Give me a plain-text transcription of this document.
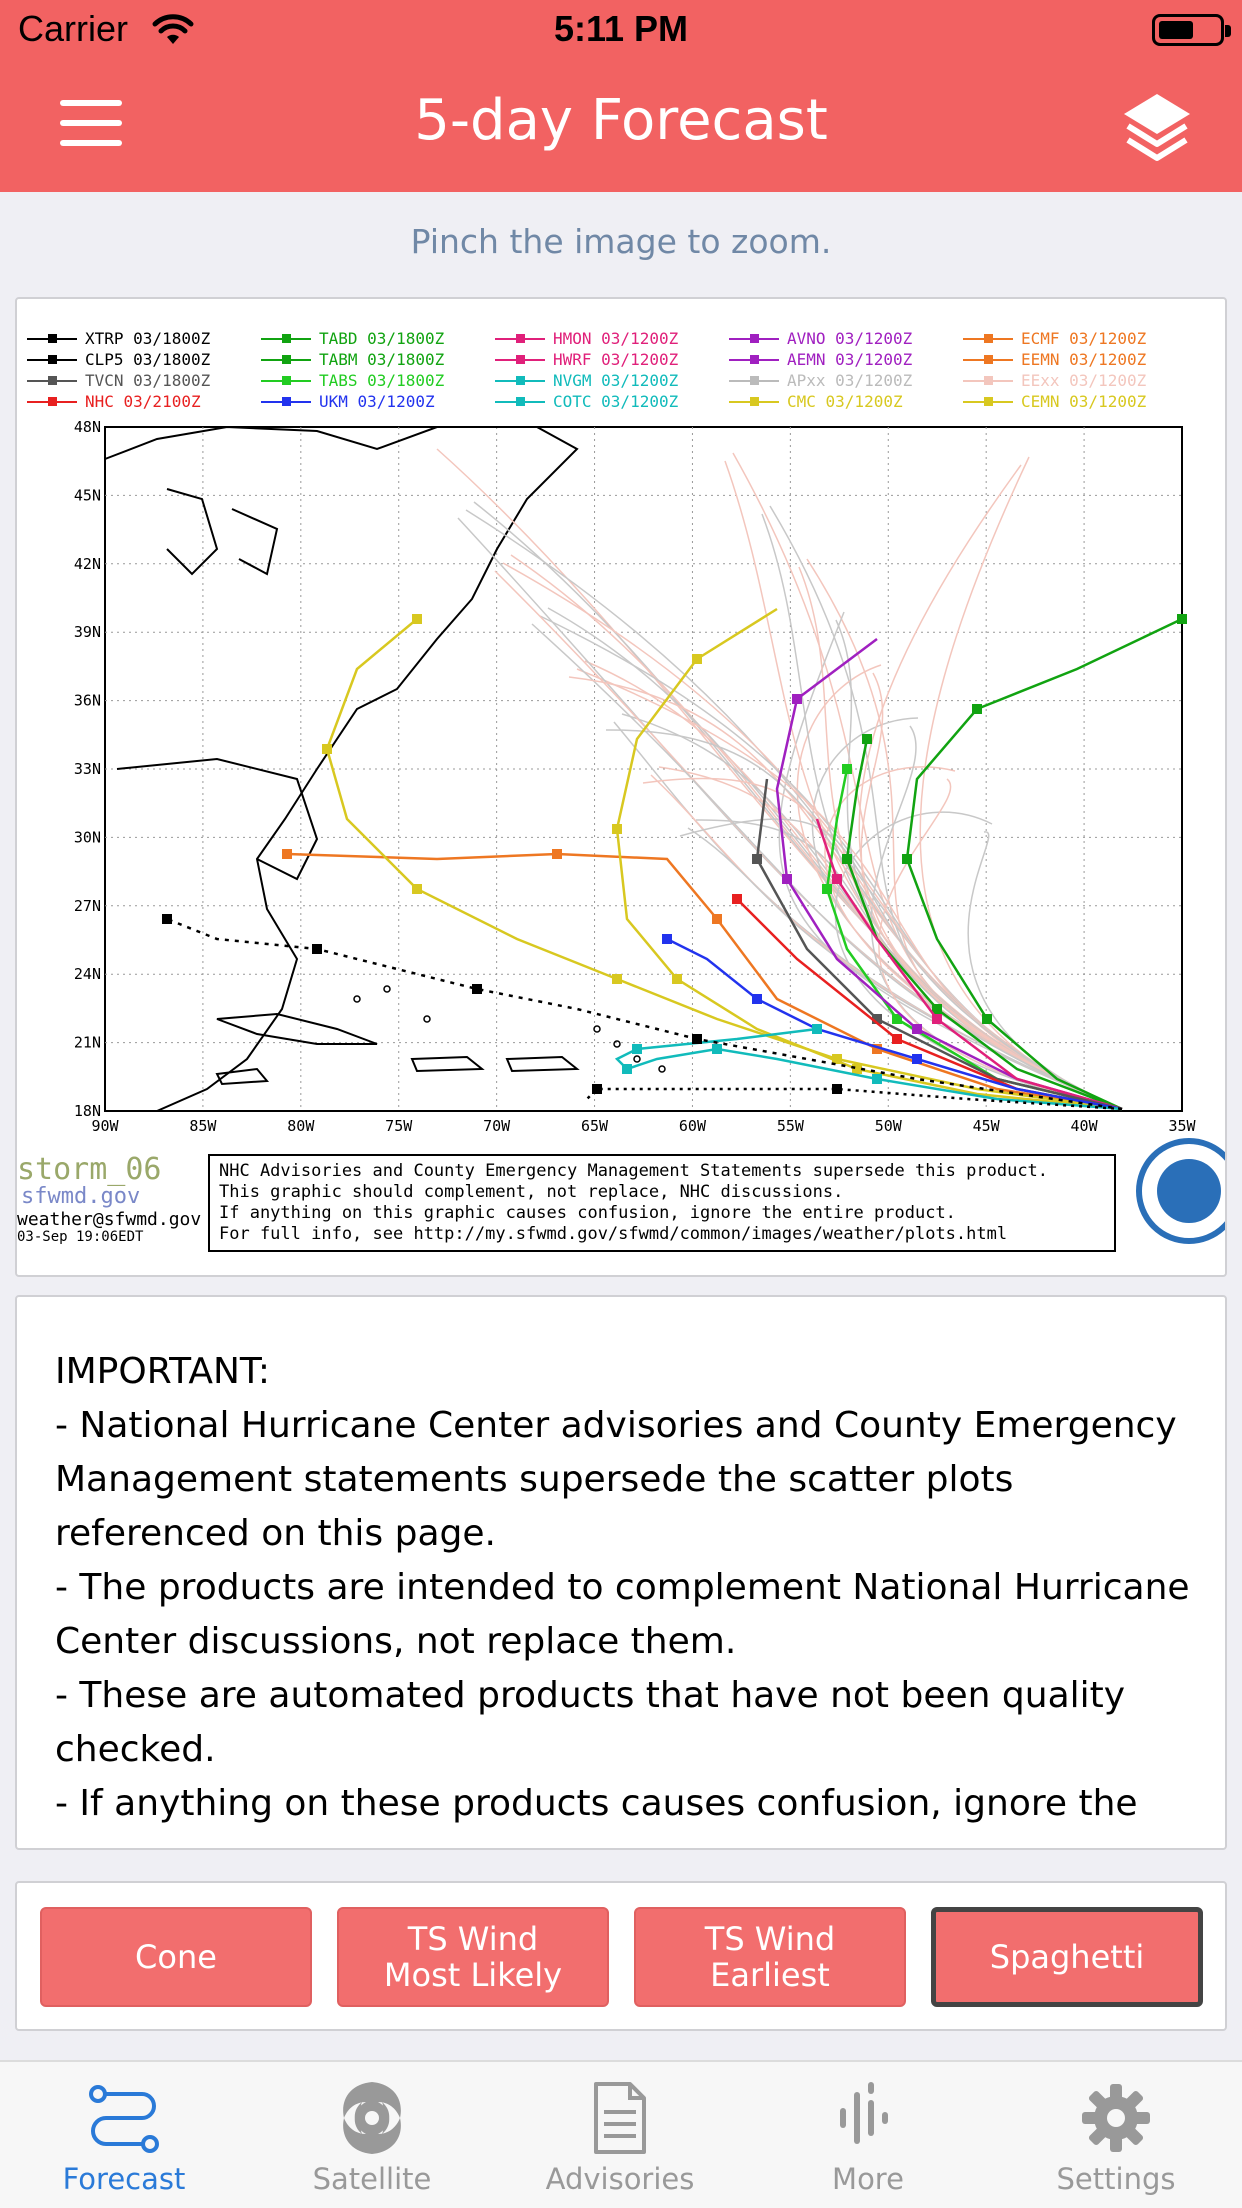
Carrier	5:11 PM
5-day Forecast
Pinch the image to zoom.
XTRP 03/1800Z
CLP5 03/1800Z
TVCN 03/1800Z
NHC 03/2100Z
TABD 03/1800Z
TABM 03/1800Z
TABS 03/1800Z
UKM 03/1200Z
HMON 03/1200Z
HWRF 03/1200Z
NVGM 03/1200Z
COTC 03/1200Z
AVNO 03/1200Z
AEMN 03/1200Z
APxx 03/1200Z
CMC 03/1200Z
ECMF 03/1200Z
EEMN 03/1200Z
EExx 03/1200Z
CEMN 03/1200Z
48N
45N
42N
39N
36N
33N
30N
27N
24N
21N
18N
90W	85W	80W	75W	70W	65W	60W	55W	50W	45W	40W	35W
storm_06
sfwmd.gov
weather@sfwmd.gov
03-Sep 19:06EDT
NHC Advisories and County Emergency Management Statements supersede this product.
This graphic should complement, not replace, NHC discussions.
If anything on this graphic causes confusion, ignore the entire product.
For full info, see http://my.sfwmd.gov/sfwmd/common/images/weather/plots.html
IMPORTANT:
- National Hurricane Center advisories and County Emergency Management statements supersede the scatter plots referenced on this page.
- The products are intended to complement National Hurricane Center discussions, not replace them.
- These are automated products that have not been quality checked.
- If anything on these products causes confusion, ignore the
Cone	TS Wind
Most Likely
TS Wind
Earliest	Spaghetti
Forecast	Satellite	Advisories	More	Settings
